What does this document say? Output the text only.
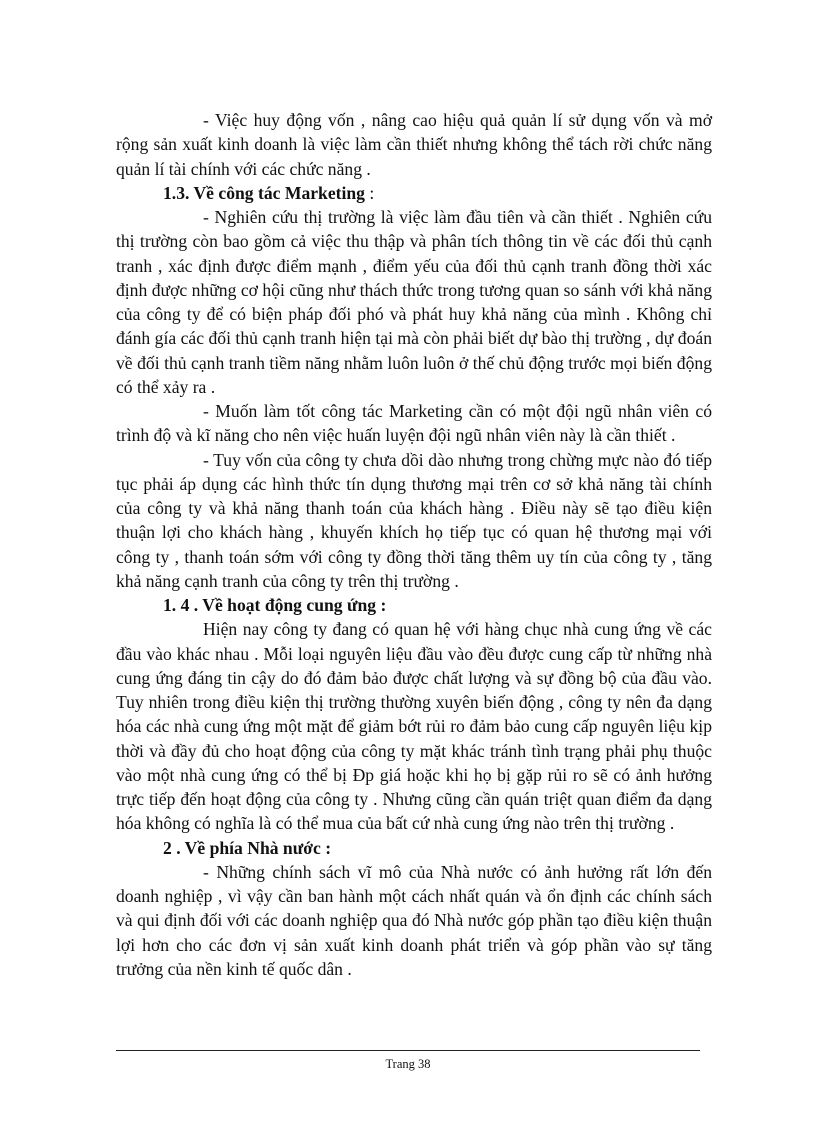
- Việc huy động vốn , nâng cao hiệu quả quản lí sử dụng vốn và mở rộng sản xuất kinh doanh là việc làm cần thiết nhưng không thể tách rời chức năng quản lí tài chính với các chức năng .

1.3. Về công tác Marketing :

- Nghiên cứu thị trường là việc làm đầu tiên và cần thiết . Nghiên cứu thị trường còn bao gồm cả việc thu thập và phân tích thông tin về các đối thủ cạnh tranh , xác định được điểm mạnh , điểm yếu của đối thủ cạnh tranh đồng thời xác định được những cơ hội cũng như thách thức trong tương quan so sánh với khả năng của công ty để có biện pháp đối phó và phát huy khả năng của mình . Không chỉ đánh gía các đối thủ cạnh tranh hiện tại mà còn phải biết dự bào thị trường , dự đoán về đối thủ cạnh tranh tiềm năng nhằm luôn luôn ở thế chủ động trước mọi biến động có thể xảy ra .

- Muốn làm tốt công tác Marketing cần có một đội ngũ nhân viên có trình độ và kĩ năng cho nên việc huấn luyện đội ngũ nhân viên này là cần thiết .

- Tuy vốn của công ty chưa dồi dào nhưng trong chừng mực nào đó tiếp tục phải áp dụng các hình thức tín dụng thương mại trên cơ sở khả năng tài chính của công ty và khả năng thanh toán của khách hàng . Điều này sẽ tạo điều kiện thuận lợi cho khách hàng , khuyến khích họ tiếp tục có quan hệ thương mại với công ty , thanh toán sớm với công ty đồng thời tăng thêm uy tín của công ty , tăng khả năng cạnh tranh của công ty trên thị trường .

1. 4 . Về hoạt động cung ứng :

Hiện nay công ty đang có quan hệ với hàng chục nhà cung ứng về các đầu vào khác nhau . Mỗi loại nguyên liệu đầu vào đều được cung cấp từ những nhà cung ứng đáng tin cậy do đó đảm bảo được chất lượng và sự đồng bộ của đầu vào. Tuy nhiên trong điều kiện thị trường thường xuyên biến động , công ty nên đa dạng hóa các nhà cung ứng một mặt để giảm bớt rủi ro đảm bảo cung cấp nguyên liệu kịp thời và đầy đủ cho hoạt động của công ty mặt khác tránh tình trạng phải phụ thuộc vào một nhà cung ứng có thể bị Đp giá hoặc khi họ bị gặp rủi ro sẽ có ảnh hưởng trực tiếp đến hoạt động của công ty . Nhưng cũng cần quán triệt quan điểm đa dạng hóa không có nghĩa là có thể mua của bất cứ nhà cung ứng nào trên thị trường .

2 . Về phía Nhà nước :

- Những chính sách vĩ mô của Nhà nước có ảnh hưởng rất lớn đến doanh nghiệp , vì vậy cần ban hành một cách nhất quán và ổn định các chính sách và qui định đối với các doanh nghiệp qua đó Nhà nước góp phần tạo điều kiện thuận lợi hơn cho các đơn vị sản xuất kinh doanh phát triển và góp phần vào sự tăng trưởng của nền kinh tế quốc dân .

Trang 38
